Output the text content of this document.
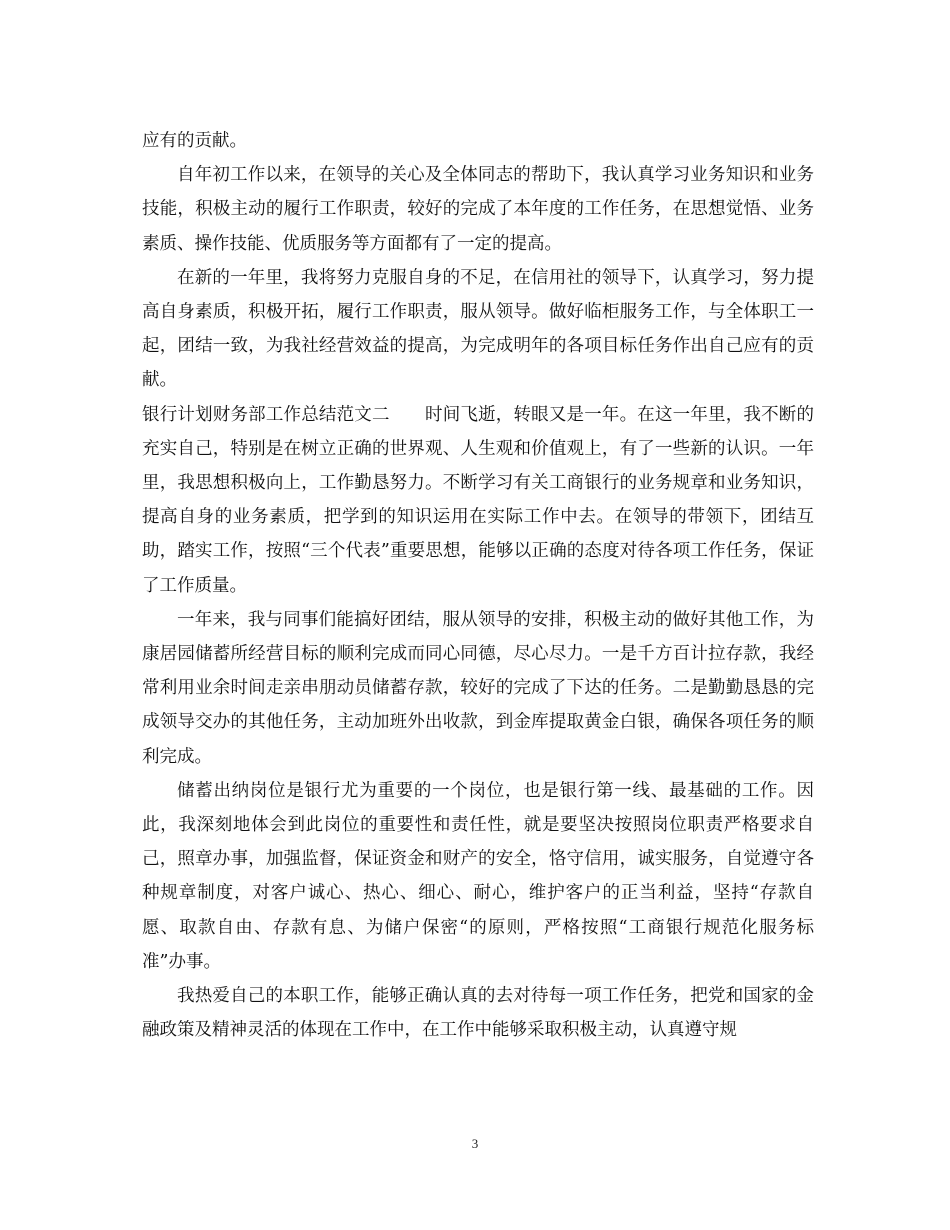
应有的贡献。

自年初工作以来，在领导的关心及全体同志的帮助下，我认真学习业务知识和业务技能，积极主动的履行工作职责，较好的完成了本年度的工作任务，在思想觉悟、业务素质、操作技能、优质服务等方面都有了一定的提高。

在新的一年里，我将努力克服自身的不足，在信用社的领导下，认真学习，努力提高自身素质，积极开拓，履行工作职责，服从领导。做好临柜服务工作，与全体职工一起，团结一致，为我社经营效益的提高，为完成明年的各项目标任务作出自己应有的贡献。

银行计划财务部工作总结范文二　　时间飞逝，转眼又是一年。在这一年里，我不断的充实自己，特别是在树立正确的世界观、人生观和价值观上，有了一些新的认识。一年里，我思想积极向上，工作勤恳努力。不断学习有关工商银行的业务规章和业务知识，提高自身的业务素质，把学到的知识运用在实际工作中去。在领导的带领下，团结互助，踏实工作，按照“三个代表”重要思想，能够以正确的态度对待各项工作任务，保证了工作质量。

一年来，我与同事们能搞好团结，服从领导的安排，积极主动的做好其他工作，为康居园储蓄所经营目标的顺利完成而同心同德，尽心尽力。一是千方百计拉存款，我经常利用业余时间走亲串朋动员储蓄存款，较好的完成了下达的任务。二是勤勤恳恳的完成领导交办的其他任务，主动加班外出收款，到金库提取黄金白银，确保各项任务的顺利完成。

储蓄出纳岗位是银行尤为重要的一个岗位，也是银行第一线、最基础的工作。因此，我深刻地体会到此岗位的重要性和责任性，就是要坚决按照岗位职责严格要求自己，照章办事，加强监督，保证资金和财产的安全，恪守信用，诚实服务，自觉遵守各种规章制度，对客户诚心、热心、细心、耐心，维护客户的正当利益，坚持“存款自愿、取款自由、存款有息、为储户保密“的原则，严格按照“工商银行规范化服务标准”办事。

我热爱自己的本职工作，能够正确认真的去对待每一项工作任务，把党和国家的金融政策及精神灵活的体现在工作中，在工作中能够采取积极主动，认真遵守规

3
